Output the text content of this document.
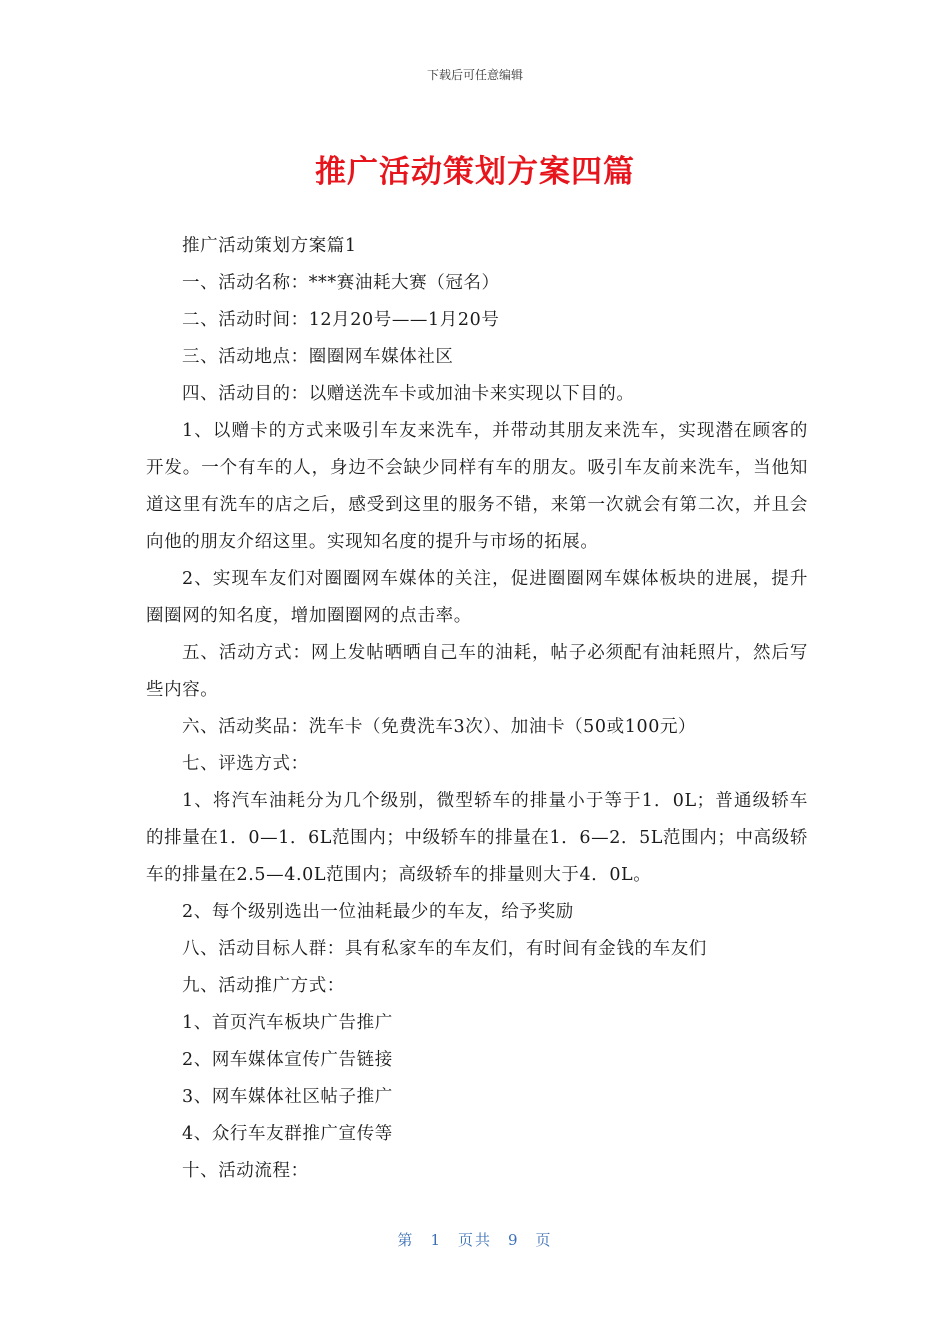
下载后可任意编辑
推广活动策划方案四篇

推广活动策划方案篇1

一、活动名称：***赛油耗大赛（冠名）

二、活动时间：12月20号——1月20号

三、活动地点：圈圈网车媒体社区

四、活动目的：以赠送洗车卡或加油卡来实现以下目的。

1、以赠卡的方式来吸引车友来洗车，并带动其朋友来洗车，实现潜在顾客的开发。一个有车的人，身边不会缺少同样有车的朋友。吸引车友前来洗车，当他知道这里有洗车的店之后，感受到这里的服务不错，来第一次就会有第二次，并且会向他的朋友介绍这里。实现知名度的提升与市场的拓展。

2、实现车友们对圈圈网车媒体的关注，促进圈圈网车媒体板块的进展，提升圈圈网的知名度，增加圈圈网的点击率。

五、活动方式：网上发帖晒晒自己车的油耗，帖子必须配有油耗照片，然后写些内容。

六、活动奖品：洗车卡（免费洗车3次）、加油卡（50或100元）

七、评选方式：

1、将汽车油耗分为几个级别，微型轿车的排量小于等于1．0L；普通级轿车的排量在1．0—1．6L范围内；中级轿车的排量在1．6—2．5L范围内；中高级轿车的排量在2.5—4.0L范围内；高级轿车的排量则大于4．0L。

2、每个级别选出一位油耗最少的车友，给予奖励

八、活动目标人群：具有私家车的车友们，有时间有金钱的车友们

九、活动推广方式：

1、首页汽车板块广告推广

2、网车媒体宣传广告链接

3、网车媒体社区帖子推广

4、众行车友群推广宣传等

十、活动流程：

第 1 页共 9 页
